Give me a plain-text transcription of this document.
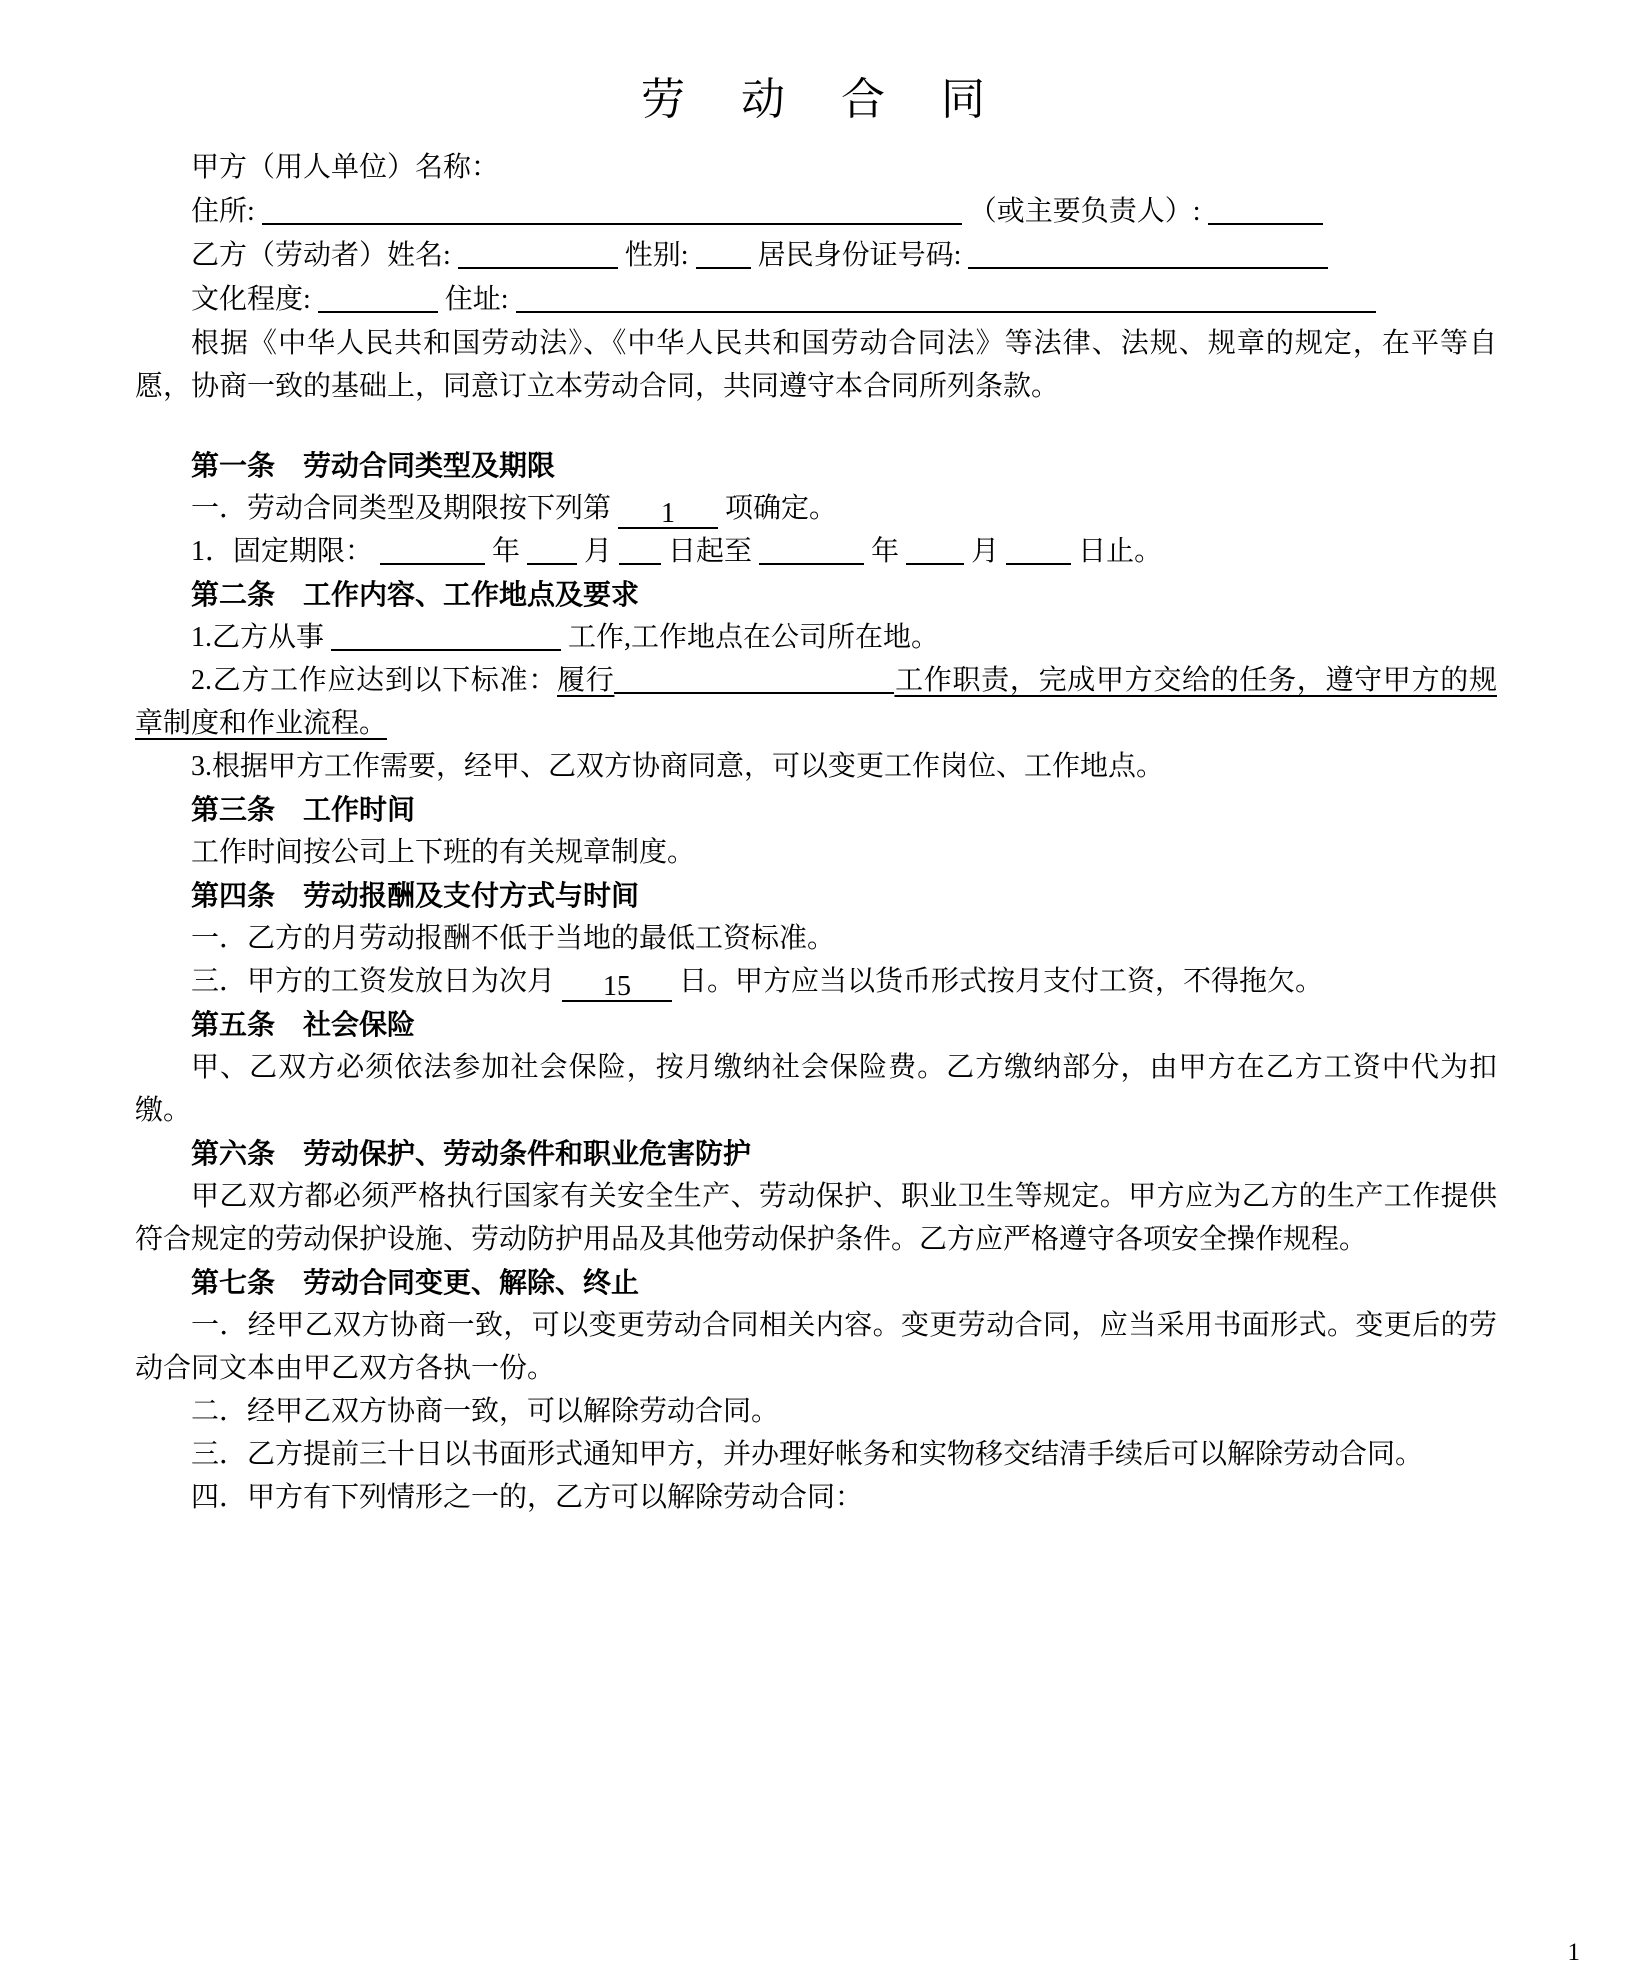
劳　动　合　同

甲方（用人单位）名称：

住所:	（或主要负责人）:

乙方（劳动者）姓名:	性别: 居民身份证号码:

文化程度:	住址:

根据《中华人民共和国劳动法》、《中华人民共和国劳动合同法》等法律、法规、规章的规定，在平等自愿，协商一致的基础上，同意订立本劳动合同，共同遵守本合同所列条款。

第一条　劳动合同类型及期限

一．劳动合同类型及期限按下列第 1 项确定。

1．固定期限：	年  月 日起至	年	月	日止。

第二条　工作内容、工作地点及要求

1.乙方从事	工作,工作地点在公司所在地。

2.乙方工作应达到以下标准：履行	工作职责，完成甲方交给的任务，遵守甲方的规章制度和作业流程。

3.根据甲方工作需要，经甲、乙双方协商同意，可以变更工作岗位、工作地点。

第三条　工作时间

工作时间按公司上下班的有关规章制度。

第四条　劳动报酬及支付方式与时间

一．乙方的月劳动报酬不低于当地的最低工资标准。

三．甲方的工资发放日为次月 15 日。甲方应当以货币形式按月支付工资，不得拖欠。

第五条　社会保险

甲、乙双方必须依法参加社会保险，按月缴纳社会保险费。乙方缴纳部分，由甲方在乙方工资中代为扣缴。

第六条　劳动保护、劳动条件和职业危害防护

甲乙双方都必须严格执行国家有关安全生产、劳动保护、职业卫生等规定。甲方应为乙方的生产工作提供符合规定的劳动保护设施、劳动防护用品及其他劳动保护条件。乙方应严格遵守各项安全操作规程。

第七条　劳动合同变更、解除、终止

一．经甲乙双方协商一致，可以变更劳动合同相关内容。变更劳动合同，应当采用书面形式。变更后的劳动合同文本由甲乙双方各执一份。

二．经甲乙双方协商一致，可以解除劳动合同。

三．乙方提前三十日以书面形式通知甲方，并办理好帐务和实物移交结清手续后可以解除劳动合同。

四．甲方有下列情形之一的，乙方可以解除劳动合同：

1
